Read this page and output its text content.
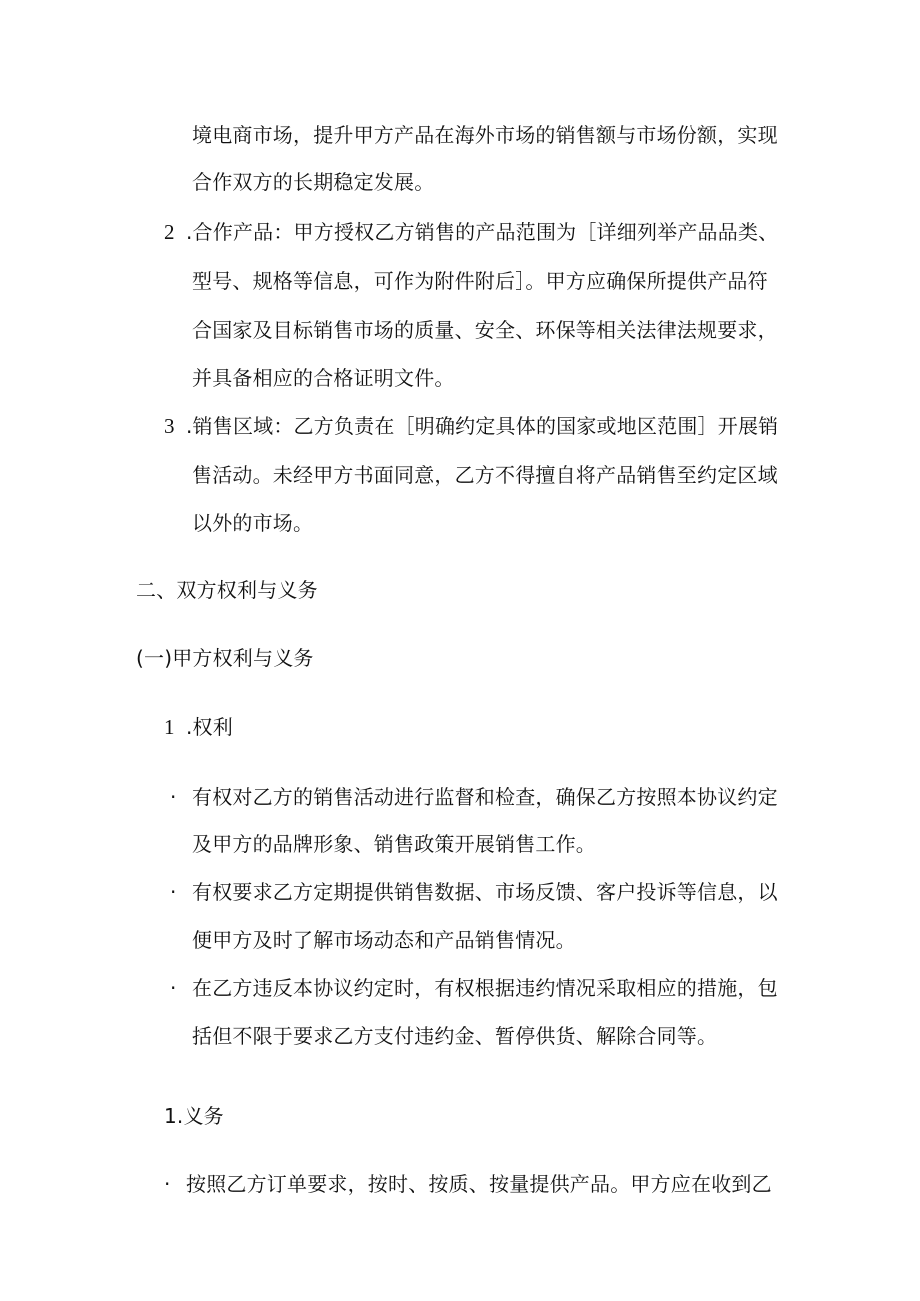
境电商市场，提升甲方产品在海外市场的销售额与市场份额，实现
合作双方的长期稳定发展。
2 .合作产品：甲方授权乙方销售的产品范围为［详细列举产品品类、
型号、规格等信息，可作为附件附后］。甲方应确保所提供产品符
合国家及目标销售市场的质量、安全、环保等相关法律法规要求，
并具备相应的合格证明文件。
3 .销售区域：乙方负责在［明确约定具体的国家或地区范围］开展销
售活动。未经甲方书面同意，乙方不得擅自将产品销售至约定区域
以外的市场。
二、双方权利与义务
(一)甲方权利与义务
1 .权利
· 有权对乙方的销售活动进行监督和检查，确保乙方按照本协议约定
及甲方的品牌形象、销售政策开展销售工作。
· 有权要求乙方定期提供销售数据、市场反馈、客户投诉等信息，以
便甲方及时了解市场动态和产品销售情况。
· 在乙方违反本协议约定时，有权根据违约情况采取相应的措施，包
括但不限于要求乙方支付违约金、暂停供货、解除合同等。
1.义务
· 按照乙方订单要求，按时、按质、按量提供产品。甲方应在收到乙
